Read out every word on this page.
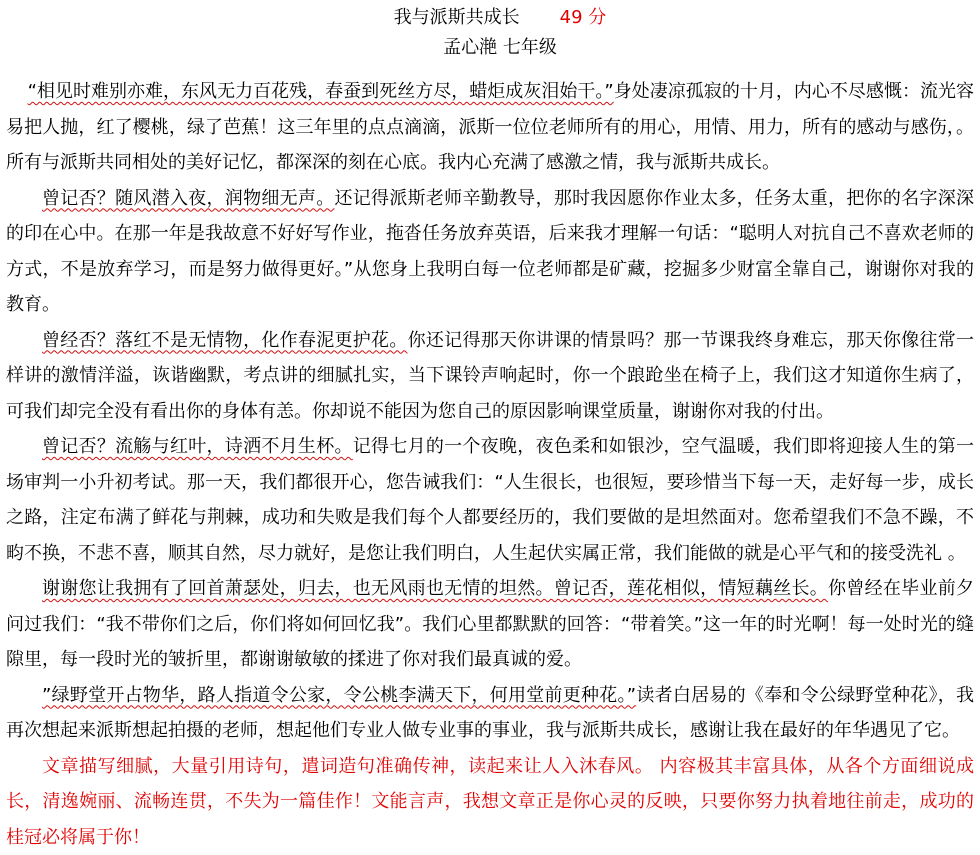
我与派斯共成长 49 分
孟心滟 七年级

“相见时难别亦难，东风无力百花残，春蚕到死丝方尽，蜡炬成灰泪始干。”身处凄凉孤寂的十月，内心不尽感慨：流光容易把人抛，红了樱桃，绿了芭蕉！这三年里的点点滴滴，派斯一位位老师所有的用心，用情、用力，所有的感动与感伤，。所有与派斯共同相处的美好记忆，都深深的刻在心底。我内心充满了感激之情，我与派斯共成长。

曾记否？随风潜入夜，润物细无声。还记得派斯老师辛勤教导，那时我因愿你作业太多，任务太重，把你的名字深深的印在心中。在那一年是我故意不好好写作业，拖沓任务放弃英语，后来我才理解一句话：“聪明人对抗自己不喜欢老师的方式，不是放弃学习，而是努力做得更好。”从您身上我明白每一位老师都是矿藏，挖掘多少财富全靠自己，谢谢你对我的教育。

曾经否？落红不是无情物，化作春泥更护花。你还记得那天你讲课的情景吗？那一节课我终身难忘，那天你像往常一样讲的激情洋溢，诙谐幽默，考点讲的细腻扎实，当下课铃声响起时，你一个踉跄坐在椅子上，我们这才知道你生病了，可我们却完全没有看出你的身体有恙。你却说不能因为您自己的原因影响课堂质量，谢谢你对我的付出。

曾记否？流觞与红叶，诗洒不月生杯。记得七月的一个夜晚，夜色柔和如银沙，空气温暖，我们即将迎接人生的第一场审判一小升初考试。那一天，我们都很开心，您告诫我们：“人生很长，也很短，要珍惜当下每一天，走好每一步，成长之路，注定布满了鲜花与荆棘，成功和失败是我们每个人都要经历的，我们要做的是坦然面对。您希望我们不急不躁，不畇不换，不悲不喜，顺其自然，尽力就好，是您让我们明白，人生起伏实属正常，我们能做的就是心平气和的接受洗礼 。

谢谢您让我拥有了回首萧瑟处，归去，也无风雨也无情的坦然。曾记否，莲花相似，情短藕丝长。你曾经在毕业前夕问过我们：“我不带你们之后，你们将如何回忆我”。我们心里都默默的回答：“带着笑。”这一年的时光啊！每一处时光的缝隙里，每一段时光的皱折里，都谢谢敏敏的揉进了你对我们最真诚的爱。

”绿野堂开占物华，路人指道令公家，令公桃李满天下，何用堂前更种花。”读者白居易的《奉和令公绿野堂种花》，我再次想起来派斯想起拍摄的老师，想起他们专业人做专业事的事业，我与派斯共成长，感谢让我在最好的年华遇见了它。

文章描写细腻，大量引用诗句，遣词造句准确传神，读起来让人入沐春风。 内容极其丰富具体，从各个方面细说成长，清逸婉丽、流畅连贯，不失为一篇佳作！文能言声，我想文章正是你心灵的反映，只要你努力执着地往前走，成功的桂冠必将属于你！
